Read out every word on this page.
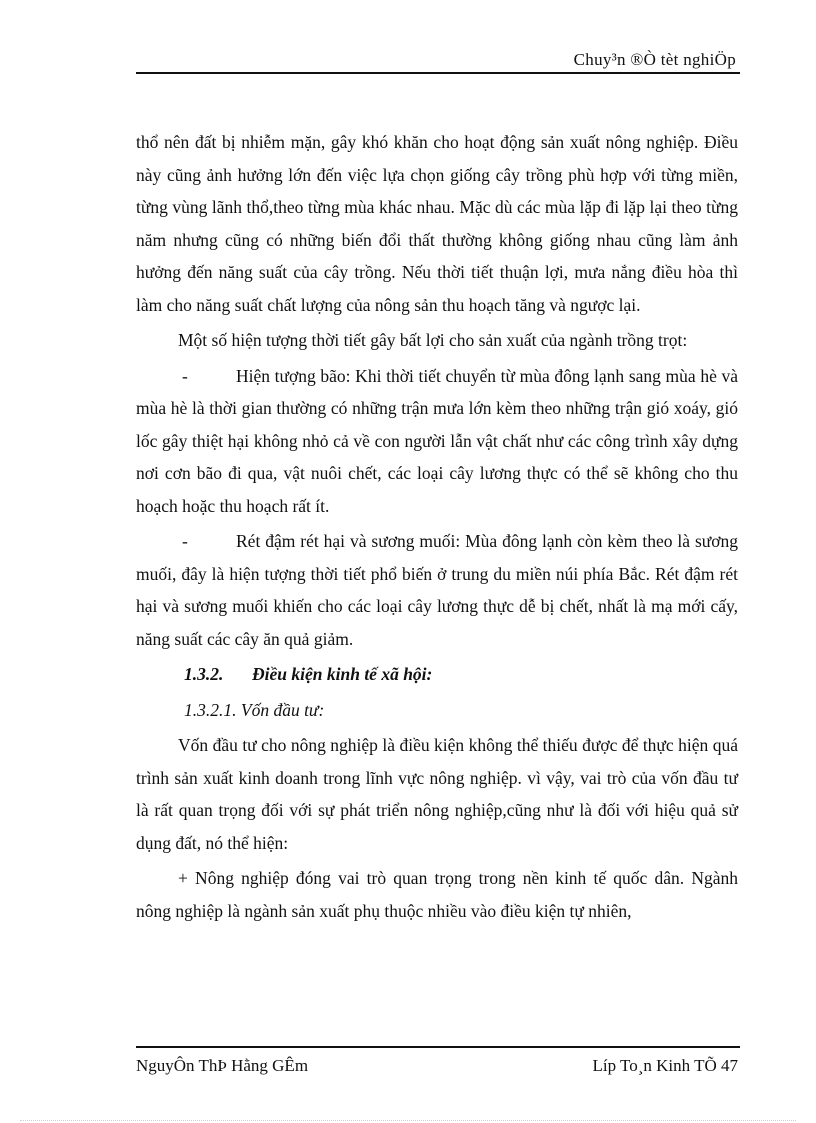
Chuy³n ®Ò tèt nghiÖp

thổ nên đất bị nhiễm mặn, gây khó khăn cho hoạt động sản xuất nông nghiệp. Điều này cũng ảnh hưởng lớn đến việc lựa chọn giống cây trồng phù hợp với từng miền, từng vùng lãnh thổ,theo từng mùa khác nhau. Mặc dù các mùa lặp đi lặp lại theo từng năm nhưng cũng có những biến đổi thất thường không giống nhau cũng làm ảnh hưởng đến năng suất của cây trồng. Nếu thời tiết thuận lợi, mưa nắng điều hòa thì làm cho năng suất chất lượng của nông sản thu hoạch tăng và ngược lại.

Một số hiện tượng thời tiết gây bất lợi cho sản xuất của ngành trồng trọt:

-	Hiện tượng bão: Khi thời tiết chuyển từ mùa đông lạnh sang mùa hè và mùa hè là thời gian thường có những trận mưa lớn kèm theo những trận gió xoáy, gió lốc gây thiệt hại không nhỏ cả về con người lẫn vật chất như các công trình xây dựng nơi cơn bão đi qua, vật nuôi chết, các loại cây lương thực có thể sẽ không cho thu hoạch hoặc thu hoạch rất ít.

-	Rét đậm rét hại và sương muối: Mùa đông lạnh còn kèm theo là sương muối, đây là hiện tượng thời tiết phổ biến ở trung du miền núi phía Bắc. Rét đậm rét hại và sương muối khiến cho các loại cây lương thực dễ bị chết, nhất là mạ mới cấy, năng suất các cây ăn quả giảm.

1.3.2. Điều kiện kinh tế xã hội:

1.3.2.1. Vốn đầu tư:

Vốn đầu tư cho nông nghiệp là điều kiện không thể thiếu được để thực hiện quá trình sản xuất kinh doanh trong lĩnh vực nông nghiệp. vì vậy, vai trò của vốn đầu tư là rất quan trọng đối với sự phát triển nông nghiệp,cũng như là đối với hiệu quả sử dụng đất, nó thể hiện:

+ Nông nghiệp đóng vai trò quan trọng trong nền kinh tế quốc dân. Ngành nông nghiệp là ngành sản xuất phụ thuộc nhiều vào điều kiện tự nhiên,

NguyÔn ThÞ Hằng GÊm	Líp To¸n Kinh TÕ 47
